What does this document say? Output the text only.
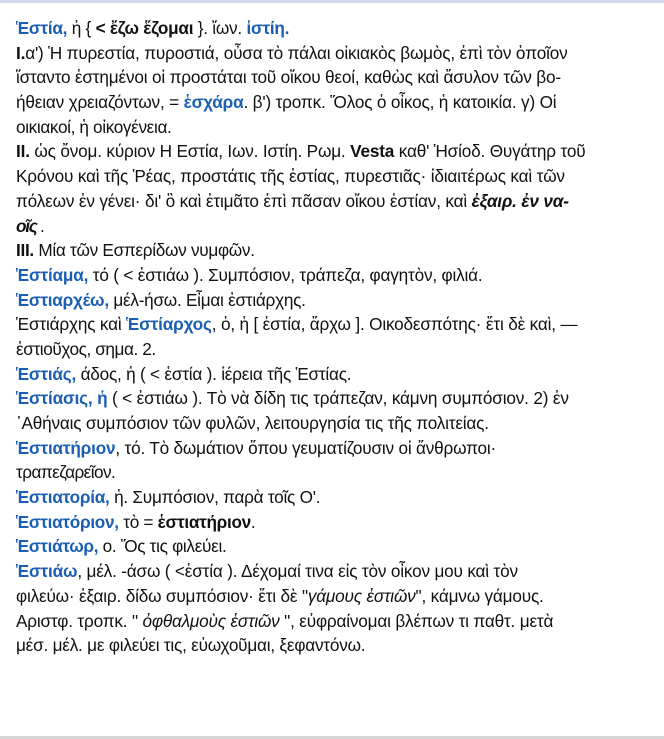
Ἑστία, ἡ { < ἔζω ἕζομαι }. ἴων. ἱστίη.
I.α') Ἡ πυρεστία, πυροστιά, οὖσα τὸ πάλαι οἰκιακὸς βωμὸς, ἐπὶ τὸν ὁποῖον
ἵσταντο ἑστημένοι οἱ προστάται τοῦ οἴκου θεοί, καθὼς καὶ ἄσυλον τῶν βο-
ήθειαν χρειαζόντων, = ἑσχάρα. β') τροπκ. Ὅλος ὁ οἶκος, ἡ κατοικία. γ) Οἱ
οικιακοί, ἡ οἰκογένεια.
II. ὡς ὄνομ. κύριον Η Εστία, Ιων. Ιστίη. Ρωμ. Vesta καθ' Ἡσίοδ. Θυγάτηρ τοῦ
Κρόνου καὶ τῆς Ῥέας, προστάτις τῆς ἑστίας, πυρεστιᾶς· ἰδιαιτέρως καὶ τῶν
πόλεων ἐν γένει· δι' ὃ καὶ ἐτιμᾶτο ἐπὶ πᾶσαν οἴκου ἑστίαν, καὶ ἐξαιρ. ἐν να-
οῖς .
III. Μία τῶν Εσπερίδων νυμφῶν.
Ἑστίαμα, τό ( < ἑστιάω ). Συμπόσιον, τράπεζα, φαγητὸν, φιλιά.
Ἑστιαρχέω, μέλ-ήσω. Εἶμαι ἑστιάρχης.
Ἑστιάρχης καὶ Ἑστίαρχος, ὁ, ἡ [ ἑστία, ἄρχω ]. Οικοδεσπότης· ἔτι δὲ καὶ, —
ἑστιοῦχος, σημα. 2.
Ἑστιάς, άδος, ἡ ( < ἑστία ). ἱέρεια τῆς Ἑστίας.
Ἑστίασις, ἡ ( < ἑστιάω ). Τὸ νὰ δίδη τις τράπεζαν, κάμνη συμπόσιον. 2) ἐν
᾿Αθήναις συμπόσιον τῶν φυλῶν, λειτουργησία τις τῆς πολιτείας.
Ἑστιατήριον, τό. Τὸ δωμάτιον ὅπου γευματίζουσιν οἱ ἄνθρωποι·
τραπεζαρεῖον.
Ἑστιατορία, ἡ. Συμπόσιον, παρὰ τοῖς Ο'.
Ἑστιατόριον, τὸ = ἑστιατήριον.
Ἑστιάτωρ, ο. Ὅς τις φιλεύει.
Ἑστιάω, μέλ. -άσω ( <ἑστία ). Δέχομαί τινα εἰς τὸν οἶκον μου καὶ τὸν
φιλεύω· ἐξαιρ. δίδω συμπόσιον· ἔτι δὲ "γάμους ἑστιῶν", κάμνω γάμους.
Αριστφ. τροπκ. " ὀφθαλμοὺς ἑστιῶν ", εὐφραίνομαι βλέπων τι παθτ. μετὰ
μέσ. μέλ. με φιλεύει τις, εὐωχοῦμαι, ξεφαντόνω.
